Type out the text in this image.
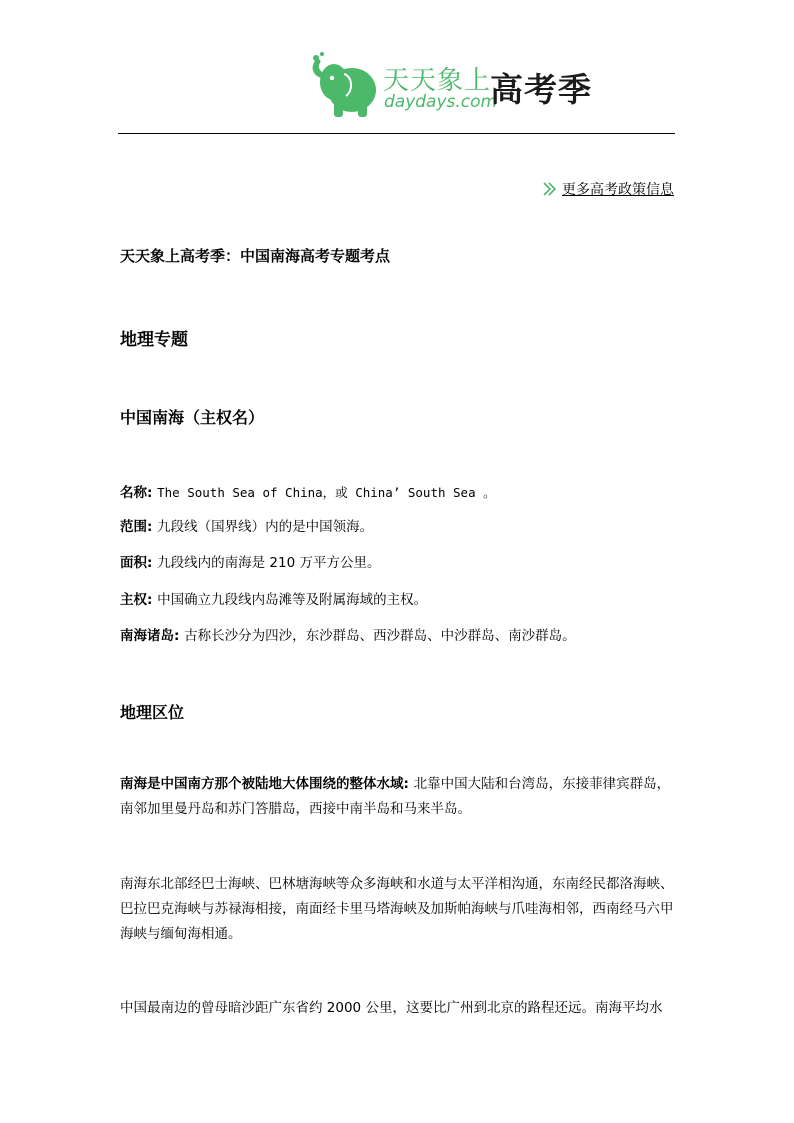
天天象上
daydays.com
高考季
更多高考政策信息
天天象上高考季：中国南海高考专题考点
地理专题
中国南海（主权名）
名称: The South Sea of China，或 China’ South Sea 。
范围: 九段线（国界线）内的是中国领海。
面积: 九段线内的南海是 210 万平方公里。
主权: 中国确立九段线内岛滩等及附属海域的主权。
南海诸岛: 古称长沙分为四沙，东沙群岛、西沙群岛、中沙群岛、南沙群岛。
地理区位
南海是中国南方那个被陆地大体围绕的整体水域: 北靠中国大陆和台湾岛，东接菲律宾群岛，南邻加里曼丹岛和苏门答腊岛，西接中南半岛和马来半岛。
南海东北部经巴士海峡、巴林塘海峡等众多海峡和水道与太平洋相沟通，东南经民都洛海峡、巴拉巴克海峡与苏禄海相接，南面经卡里马塔海峡及加斯帕海峡与爪哇海相邻，西南经马六甲海峡与缅甸海相通。
中国最南边的曾母暗沙距广东省约 2000 公里，这要比广州到北京的路程还远。南海平均水
